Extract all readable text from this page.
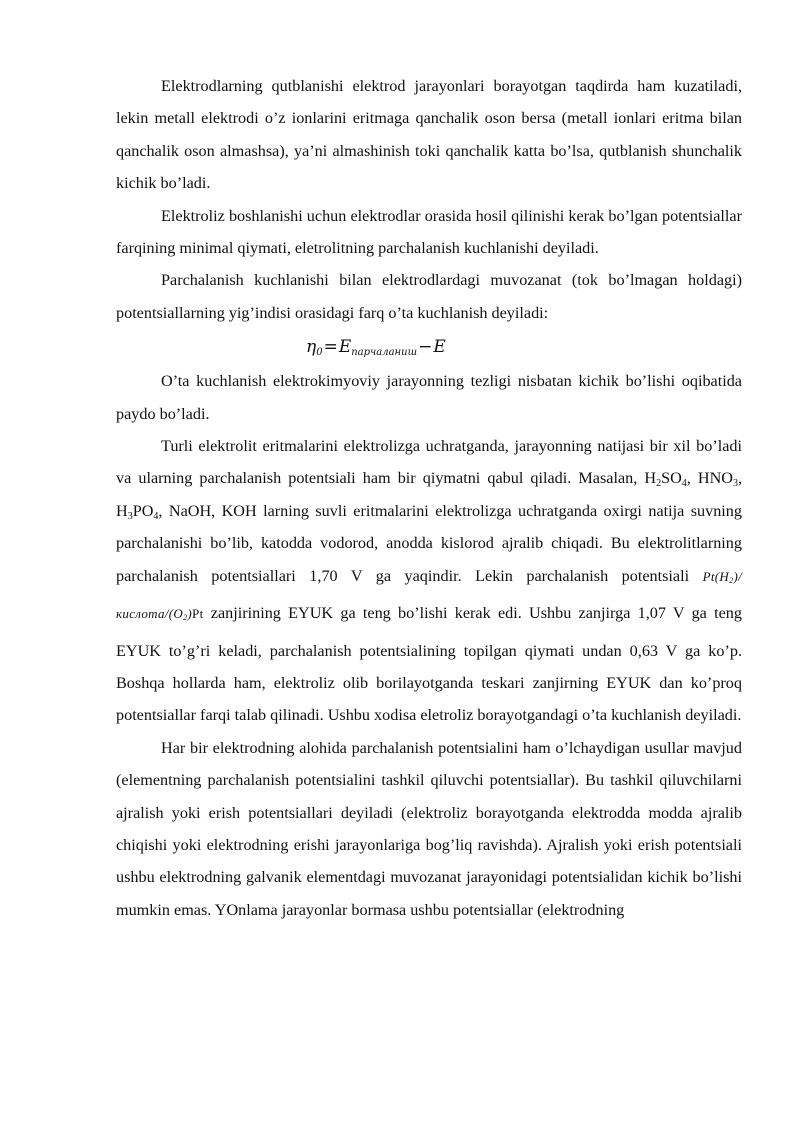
Elektrodlarning qutblanishi elektrod jarayonlari borayotgan taqdirda ham kuzatiladi, lekin metall elektrodi o’z ionlarini eritmaga qanchalik oson bersa (metall ionlari eritma bilan qanchalik oson almashsa), ya’ni almashinish toki qanchalik katta bo’lsa, qutblanish shunchalik kichik bo’ladi.

Elektroliz boshlanishi uchun elektrodlar orasida hosil qilinishi kerak bo’lgan potentsiallar farqining minimal qiymati, eletrolitning parchalanish kuchlanishi deyiladi.

Parchalanish kuchlanishi bilan elektrodlardagi muvozanat (tok bo’lmagan holdagi) potentsiallarning yig’indisi orasidagi farq o’ta kuchlanish deyiladi:

$\eta_0=E_{парчаланиш}-E$

O’ta kuchlanish elektrokimyoviy jarayonning tezligi nisbatan kichik bo’lishi oqibatida paydo bo’ladi.

Turli elektrolit eritmalarini elektrolizga uchratganda, jarayonning natijasi bir xil bo’ladi va ularning parchalanish potentsiali ham bir qiymatni qabul qiladi. Masalan, $H_2SO_4$, $HNO_3$, $H_3PO_4$, NaOH, KOH larning suvli eritmalarini elektrolizga uchratganda oxirgi natija suvning parchalanishi bo’lib, katodda vodorod, anodda kislorod ajralib chiqadi. Bu elektrolitlarning parchalanish potentsiallari 1,70 V ga yaqindir. Lekin parchalanish potentsiali $Pt(H_2)/кислота/(O_2)Pt$ zanjirining EYUK ga teng bo’lishi kerak edi. Ushbu zanjirga 1,07 V ga teng EYUK to’g’ri keladi, parchalanish potentsialining topilgan qiymati undan 0,63 V ga ko’p. Boshqa hollarda ham, elektroliz olib borilayotganda teskari zanjirning EYUK dan ko’proq potentsiallar farqi talab qilinadi. Ushbu xodisa eletroliz borayotgandagi o’ta kuchlanish deyiladi.

Har bir elektrodning alohida parchalanish potentsialini ham o’lchaydigan usullar mavjud (elementning parchalanish potentsialini tashkil qiluvchi potentsiallar). Bu tashkil qiluvchilarni ajralish yoki erish potentsiallari deyiladi (elektroliz borayotganda elektrodda modda ajralib chiqishi yoki elektrodning erishi jarayonlariga bog’liq ravishda). Ajralish yoki erish potentsiali ushbu elektrodning galvanik elementdagi muvozanat jarayonidagi potentsialidan kichik bo’lishi mumkin emas. YOnlama jarayonlar bormasa ushbu potentsiallar (elektrodning
